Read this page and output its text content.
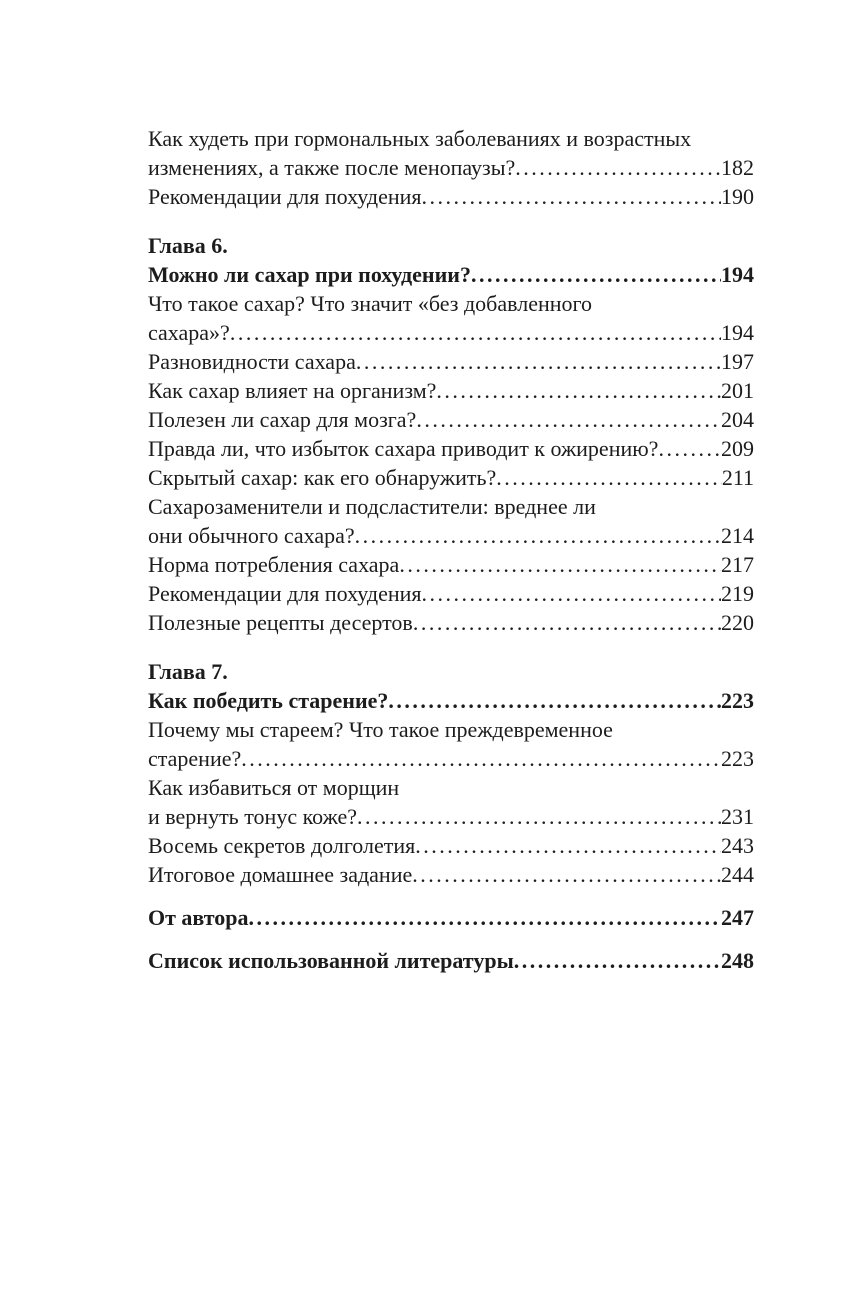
Как худеть при гормональных заболеваниях и возрастных
изменениях, а также после менопаузы? .....	182
Рекомендации для похудения .....	190
Глава 6.
Можно ли сахар при похудении? .....	194
Что такое сахар? Что значит «без добавленного
сахара»? .....	194
Разновидности сахара .....	197
Как сахар влияет на организм? .....	201
Полезен ли сахар для мозга? .....	204
Правда ли, что избыток сахара приводит к ожирению? .....	209
Скрытый сахар: как его обнаружить? .....	211
Сахарозаменители и подсластители: вреднее ли
они обычного сахара? .....	214
Норма потребления сахара .....	217
Рекомендации для похудения .....	219
Полезные рецепты десертов .....	220
Глава 7.
Как победить старение? .....	223
Почему мы стареем? Что такое преждевременное
старение? .....	223
Как избавиться от морщин
и вернуть тонус коже? .....	231
Восемь секретов долголетия .....	243
Итоговое домашнее задание .....	244
От автора .....	247
Список использованной литературы .....	248
